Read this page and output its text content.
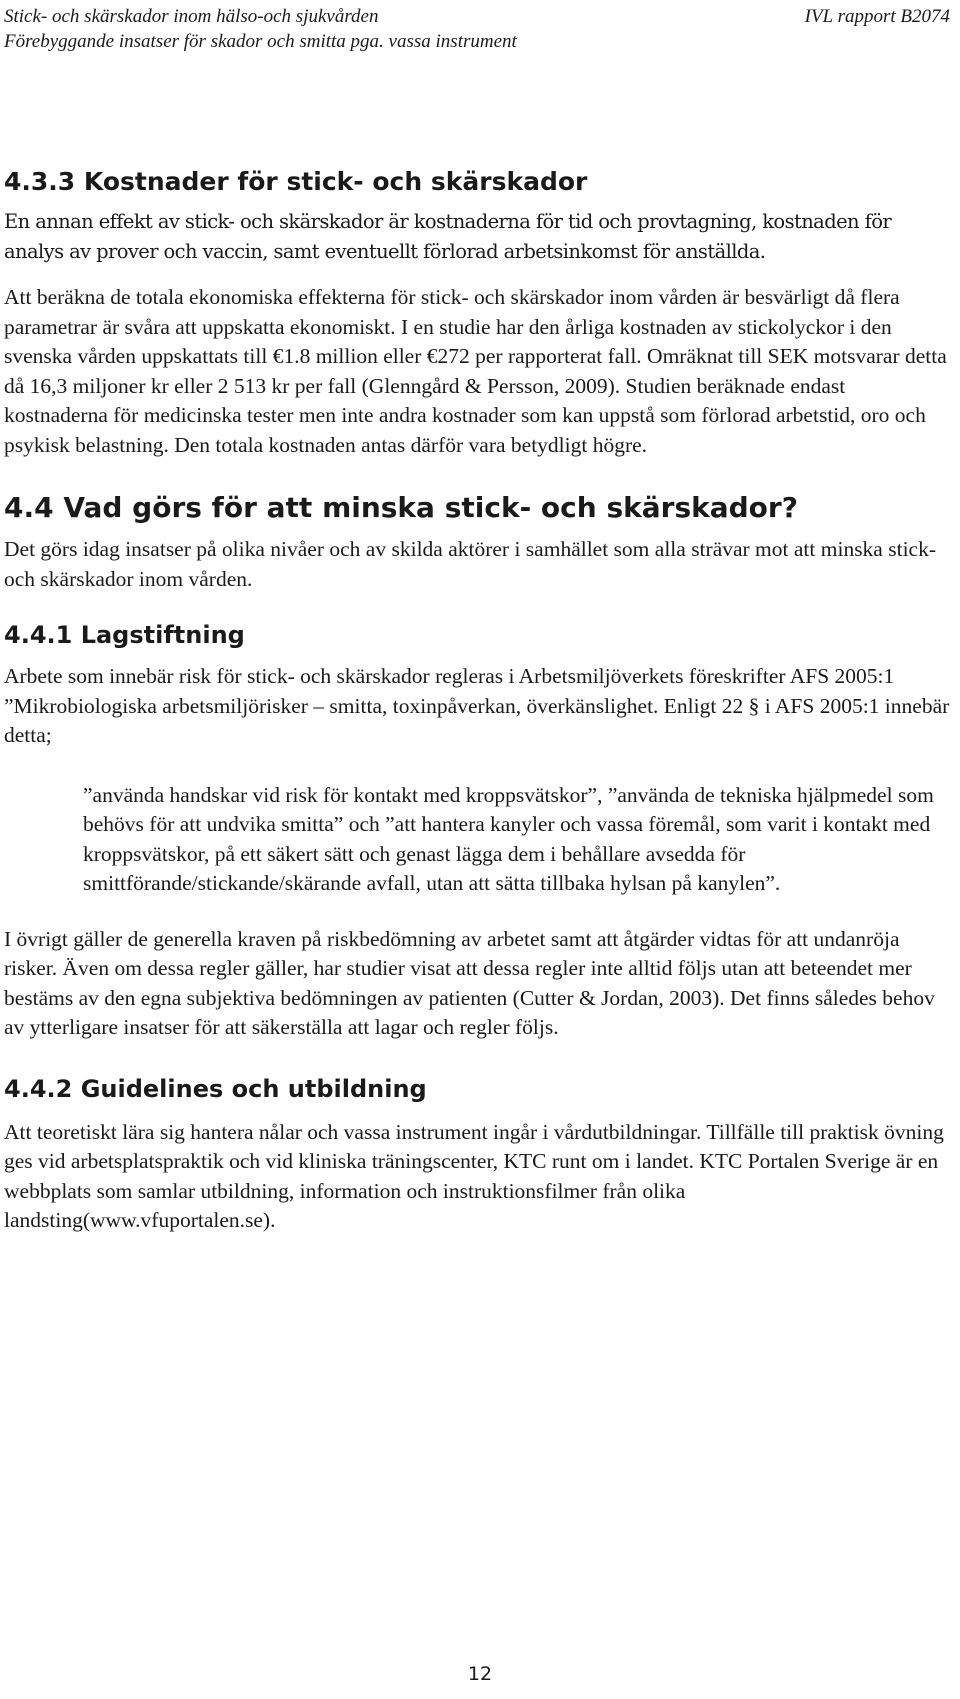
Stick- och skärskador inom hälso-och sjukvården	IVL rapport B2074
Förebyggande insatser för skador och smitta pga. vassa instrument
4.3.3 Kostnader för stick- och skärskador

En annan effekt av stick- och skärskador är kostnaderna för tid och provtagning, kostnaden för analys av prover och vaccin, samt eventuellt förlorad arbetsinkomst för anställda.

Att beräkna de totala ekonomiska effekterna för stick- och skärskador inom vården är besvärligt då flera parametrar är svåra att uppskatta ekonomiskt. I en studie har den årliga kostnaden av stickolyckor i den svenska vården uppskattats till €1.8 million eller €272 per rapporterat fall. Omräknat till SEK motsvarar detta då 16,3 miljoner kr eller 2 513 kr per fall (Glenngård & Persson, 2009). Studien beräknade endast kostnaderna för medicinska tester men inte andra kostnader som kan uppstå som förlorad arbetstid, oro och psykisk belastning. Den totala kostnaden antas därför vara betydligt högre.

4.4 Vad görs för att minska stick- och skärskador?

Det görs idag insatser på olika nivåer och av skilda aktörer i samhället som alla strävar mot att minska stick- och skärskador inom vården.

4.4.1 Lagstiftning

Arbete som innebär risk för stick- och skärskador regleras i Arbetsmiljöverkets föreskrifter AFS 2005:1 ”Mikrobiologiska arbetsmiljörisker – smitta, toxinpåverkan, överkänslighet. Enligt 22 § i AFS 2005:1 innebär detta;

”använda handskar vid risk för kontakt med kroppsvätskor”, ”använda de tekniska hjälpmedel som behövs för att undvika smitta” och ”att hantera kanyler och vassa föremål, som varit i kontakt med kroppsvätskor, på ett säkert sätt och genast lägga dem i behållare avsedda för smittförande/stickande/skärande avfall, utan att sätta tillbaka hylsan på kanylen”.

I övrigt gäller de generella kraven på riskbedömning av arbetet samt att åtgärder vidtas för att undanröja risker. Även om dessa regler gäller, har studier visat att dessa regler inte alltid följs utan att beteendet mer bestäms av den egna subjektiva bedömningen av patienten (Cutter & Jordan, 2003). Det finns således behov av ytterligare insatser för att säkerställa att lagar och regler följs.

4.4.2 Guidelines och utbildning

Att teoretiskt lära sig hantera nålar och vassa instrument ingår i vårdutbildningar. Tillfälle till praktisk övning ges vid arbetsplatspraktik och vid kliniska träningscenter, KTC runt om i landet. KTC Portalen Sverige är en webbplats som samlar utbildning, information och instruktionsfilmer från olika landsting(www.vfuportalen.se).

12
